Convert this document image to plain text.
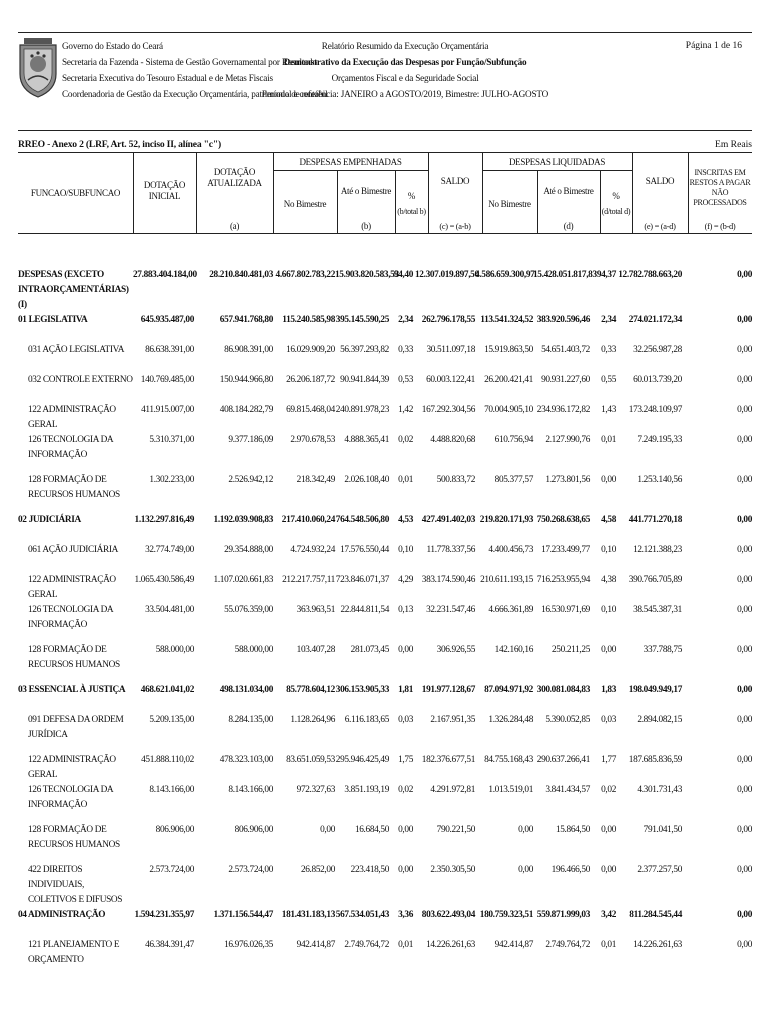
Governo do Estado do Ceará
Secretaria da Fazenda - Sistema de Gestão Governamental por Resultado
Secretaria Executiva do Tesouro Estadual e de Metas Fiscais
Coordenadoria de Gestão da Execução Orçamentária, patrimonial e contábil
Relatório Resumido da Execução Orçamentária
Demonstrativo da Execução das Despesas por Função/Subfunção
Orçamentos Fiscal e da Seguridade Social
Período de referência: JANEIRO a AGOSTO/2019, Bimestre: JULHO-AGOSTO
Página 1 de 16
RREO - Anexo 2 (LRF, Art. 52, inciso II, alínea "c")	Em Reais
FUNCAO/SUBFUNCAO
DOTAÇÃO
INICIAL
DOTAÇÃO
ATUALIZADA
(a)
DESPESAS EMPENHADAS
No Bimestre
Até o Bimestre
(b)
%
(b/total b)
SALDO
(c) = (a-b)
DESPESAS LIQUIDADAS
No Bimestre
Até o Bimestre
(d)
%
(d/total d)
SALDO
(e) = (a-d)
INSCRITAS EM
RESTOS A PAGAR
NÃO PROCESSADOS
(f) = (b-d)
DESPESAS (EXCETO INTRAORÇAMENTÁRIAS) (I)	27.883.404.184,00	28.210.840.481,03	4.667.802.783,22	15.903.820.583,53	94,40	12.307.019.897,50	4.586.659.300,97	15.428.051.817,83	94,37	12.782.788.663,20	0,00
01 LEGISLATIVA	645.935.487,00	657.941.768,80	115.240.585,98	395.145.590,25	2,34	262.796.178,55	113.541.324,52	383.920.596,46	2,34	274.021.172,34	0,00
031 AÇÃO LEGISLATIVA	86.638.391,00	86.908.391,00	16.029.909,20	56.397.293,82	0,33	30.511.097,18	15.919.863,50	54.651.403,72	0,33	32.256.987,28	0,00
032 CONTROLE EXTERNO	140.769.485,00	150.944.966,80	26.206.187,72	90.941.844,39	0,53	60.003.122,41	26.200.421,41	90.931.227,60	0,55	60.013.739,20	0,00
122 ADMINISTRAÇÃO GERAL	411.915.007,00	408.184.282,79	69.815.468,04	240.891.978,23	1,42	167.292.304,56	70.004.905,10	234.936.172,82	1,43	173.248.109,97	0,00
126 TECNOLOGIA DA INFORMAÇÃO	5.310.371,00	9.377.186,09	2.970.678,53	4.888.365,41	0,02	4.488.820,68	610.756,94	2.127.990,76	0,01	7.249.195,33	0,00
128 FORMAÇÃO DE RECURSOS HUMANOS	1.302.233,00	2.526.942,12	218.342,49	2.026.108,40	0,01	500.833,72	805.377,57	1.273.801,56	0,00	1.253.140,56	0,00
02 JUDICIÁRIA	1.132.297.816,49	1.192.039.908,83	217.410.060,24	764.548.506,80	4,53	427.491.402,03	219.820.171,93	750.268.638,65	4,58	441.771.270,18	0,00
061 AÇÃO JUDICIÁRIA	32.774.749,00	29.354.888,00	4.724.932,24	17.576.550,44	0,10	11.778.337,56	4.400.456,73	17.233.499,77	0,10	12.121.388,23	0,00
122 ADMINISTRAÇÃO GERAL	1.065.430.586,49	1.107.020.661,83	212.217.757,11	723.846.071,37	4,29	383.174.590,46	210.611.193,15	716.253.955,94	4,38	390.766.705,89	0,00
126 TECNOLOGIA DA INFORMAÇÃO	33.504.481,00	55.076.359,00	363.963,51	22.844.811,54	0,13	32.231.547,46	4.666.361,89	16.530.971,69	0,10	38.545.387,31	0,00
128 FORMAÇÃO DE RECURSOS HUMANOS	588.000,00	588.000,00	103.407,28	281.073,45	0,00	306.926,55	142.160,16	250.211,25	0,00	337.788,75	0,00
03 ESSENCIAL À JUSTIÇA	468.621.041,02	498.131.034,00	85.778.604,12	306.153.905,33	1,81	191.977.128,67	87.094.971,92	300.081.084,83	1,83	198.049.949,17	0,00
091 DEFESA DA ORDEM JURÍDICA	5.209.135,00	8.284.135,00	1.128.264,96	6.116.183,65	0,03	2.167.951,35	1.326.284,48	5.390.052,85	0,03	2.894.082,15	0,00
122 ADMINISTRAÇÃO GERAL	451.888.110,02	478.323.103,00	83.651.059,53	295.946.425,49	1,75	182.376.677,51	84.755.168,43	290.637.266,41	1,77	187.685.836,59	0,00
126 TECNOLOGIA DA INFORMAÇÃO	8.143.166,00	8.143.166,00	972.327,63	3.851.193,19	0,02	4.291.972,81	1.013.519,01	3.841.434,57	0,02	4.301.731,43	0,00
128 FORMAÇÃO DE RECURSOS HUMANOS	806.906,00	806.906,00	0,00	16.684,50	0,00	790.221,50	0,00	15.864,50	0,00	791.041,50	0,00
422 DIREITOS INDIVIDUAIS, COLETIVOS E DIFUSOS	2.573.724,00	2.573.724,00	26.852,00	223.418,50	0,00	2.350.305,50	0,00	196.466,50	0,00	2.377.257,50	0,00
04 ADMINISTRAÇÃO	1.594.231.355,97	1.371.156.544,47	181.431.183,13	567.534.051,43	3,36	803.622.493,04	180.759.323,51	559.871.999,03	3,42	811.284.545,44	0,00
121 PLANEJAMENTO E ORÇAMENTO	46.384.391,47	16.976.026,35	942.414,87	2.749.764,72	0,01	14.226.261,63	942.414,87	2.749.764,72	0,01	14.226.261,63	0,00
